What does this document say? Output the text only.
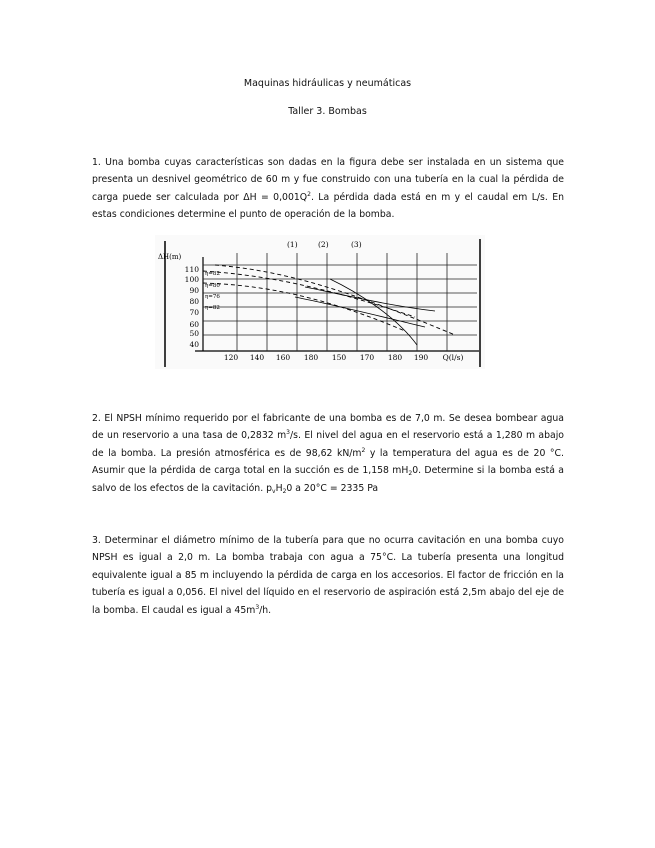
Maquinas hidráulicas y neumáticas
Taller 3. Bombas
1. Una bomba cuyas características son dadas en la figura debe ser instalada en un sistema que presenta un desnivel geométrico de 60 m y fue construido con una tubería en la cual la pérdida de carga puede ser calculada por $\Delta H = 0,001Q^2$. La pérdida dada está en m y el caudal em L/s. En estas condiciones determine el punto de operación de la bomba.
ΔH(m)
110
100
90
80
70
60
50
40
η=82
η=80
η=76
η=82
(1)	(2)	(3)
120 140 160 180 150 170 180 190 Q(l/s)
2. El NPSH mínimo requerido por el fabricante de una bomba es de 7,0 m. Se desea bombear agua de un reservorio a una tasa de 0,2832 $m^3/s$. El nivel del agua en el reservorio está a 1,280 m abajo de la bomba. La presión atmosférica es de 98,62 $kN/m^2$ y la temperatura del agua es de 20 °C. Asumir que la pérdida de carga total en la succión es de 1,158 $mH_20$. Determine si la bomba está a salvo de los efectos de la cavitación. $p_vH_20$ a 20°C = 2335 Pa
3. Determinar el diámetro mínimo de la tubería para que no ocurra cavitación en una bomba cuyo NPSH es igual a 2,0 m. La bomba trabaja con agua a 75°C. La tubería presenta una longitud equivalente igual a 85 m incluyendo la pérdida de carga en los accesorios. El factor de fricción en la tubería es igual a 0,056. El nivel del líquido en el reservorio de aspiración está 2,5m abajo del eje de la bomba. El caudal es igual a $45m^3/h$.
